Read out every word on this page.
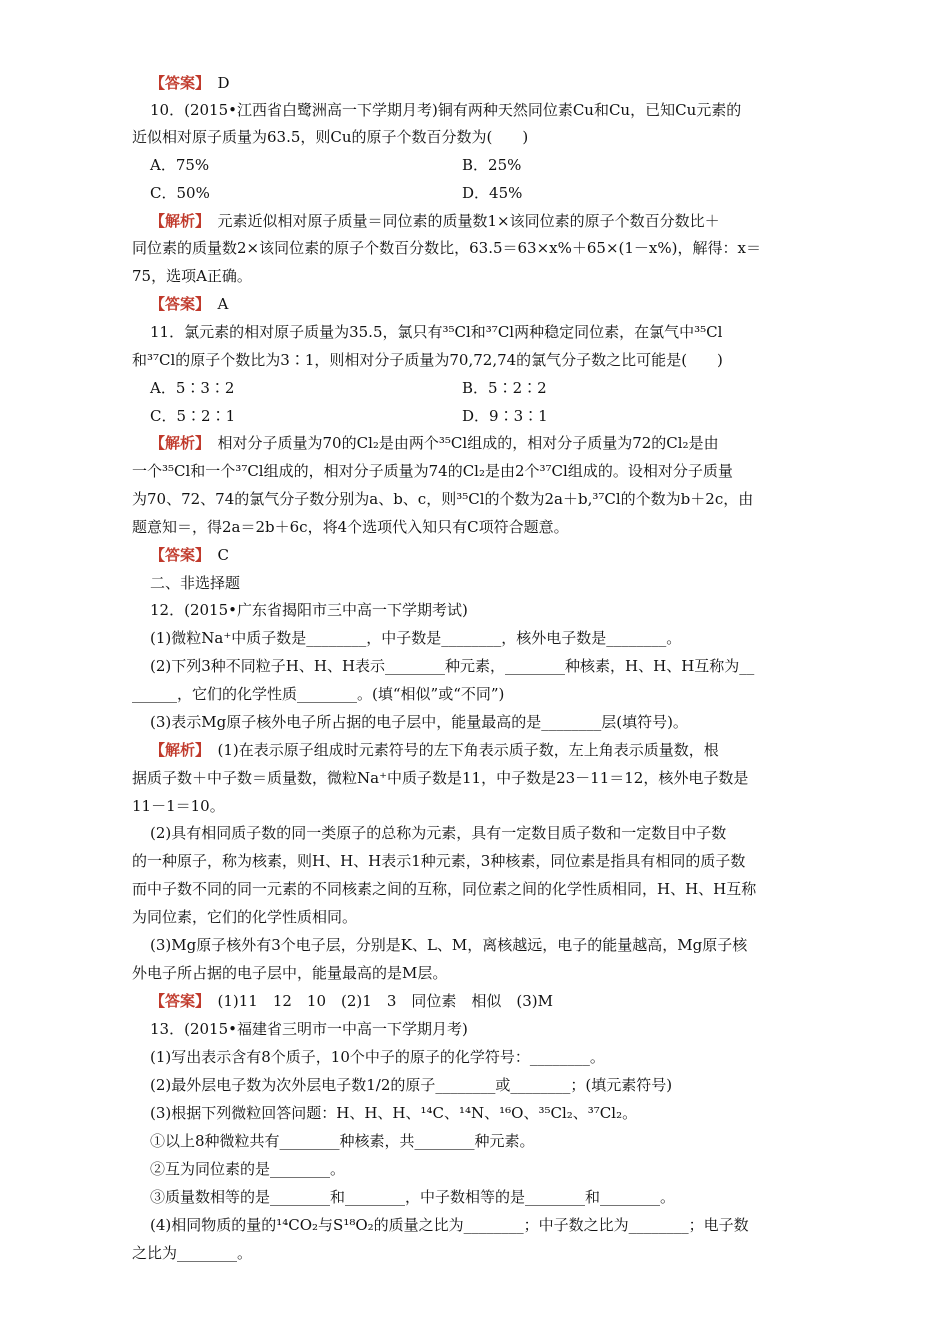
【答案】　D
10．(2015•江西省白鹭洲高一下学期月考)铜有两种天然同位素Cu和Cu，已知Cu元素的
近似相对原子质量为63.5，则Cu的原子个数百分数为(　　)
A．75%	B．25%
C．50%	D．45%
【解析】　元素近似相对原子质量＝同位素的质量数1×该同位素的原子个数百分数比＋
同位素的质量数2×该同位素的原子个数百分数比，63.5＝63×x%＋65×(1－x%)，解得：x＝
75，选项A正确。
【答案】　A
11．氯元素的相对原子质量为35.5，氯只有³⁵Cl和³⁷Cl两种稳定同位素，在氯气中³⁵Cl
和³⁷Cl的原子个数比为3∶1，则相对分子质量为70,72,74的氯气分子数之比可能是(　　)
A．5∶3∶2	B．5∶2∶2
C．5∶2∶1	D．9∶3∶1
【解析】　相对分子质量为70的Cl₂是由两个³⁵Cl组成的，相对分子质量为72的Cl₂是由
一个³⁵Cl和一个³⁷Cl组成的，相对分子质量为74的Cl₂是由2个³⁷Cl组成的。设相对分子质量
为70、72、74的氯气分子数分别为a、b、c，则³⁵Cl的个数为2a＋b,³⁷Cl的个数为b＋2c，由
题意知＝，得2a＝2b＋6c，将4个选项代入知只有C项符合题意。
【答案】　C
二、非选择题
12．(2015•广东省揭阳市三中高一下学期考试)
(1)微粒Na⁺中质子数是________，中子数是________，核外电子数是________。
(2)下列3种不同粒子H、H、H表示________种元素，________种核素，H、H、H互称为__
______，它们的化学性质________。(填“相似”或“不同”)
(3)表示Mg原子核外电子所占据的电子层中，能量最高的是________层(填符号)。
【解析】　(1)在表示原子组成时元素符号的左下角表示质子数，左上角表示质量数，根
据质子数＋中子数＝质量数，微粒Na⁺中质子数是11，中子数是23－11＝12，核外电子数是
11－1＝10。
(2)具有相同质子数的同一类原子的总称为元素，具有一定数目质子数和一定数目中子数
的一种原子，称为核素，则H、H、H表示1种元素，3种核素，同位素是指具有相同的质子数
而中子数不同的同一元素的不同核素之间的互称，同位素之间的化学性质相同，H、H、H互称
为同位素，它们的化学性质相同。
(3)Mg原子核外有3个电子层，分别是K、L、M，离核越远，电子的能量越高，Mg原子核
外电子所占据的电子层中，能量最高的是M层。
【答案】　(1)11　12　10　(2)1　3　同位素　相似　(3)M
13．(2015•福建省三明市一中高一下学期月考)
(1)写出表示含有8个质子，10个中子的原子的化学符号：________。
(2)最外层电子数为次外层电子数1/2的原子________或________；(填元素符号)
(3)根据下列微粒回答问题：H、H、H、¹⁴C、¹⁴N、¹⁶O、³⁵Cl₂、³⁷Cl₂。
①以上8种微粒共有________种核素，共________种元素。
②互为同位素的是________。
③质量数相等的是________和________，中子数相等的是________和________。
(4)相同物质的量的¹⁴CO₂与S¹⁸O₂的质量之比为________；中子数之比为________；电子数
之比为________。
